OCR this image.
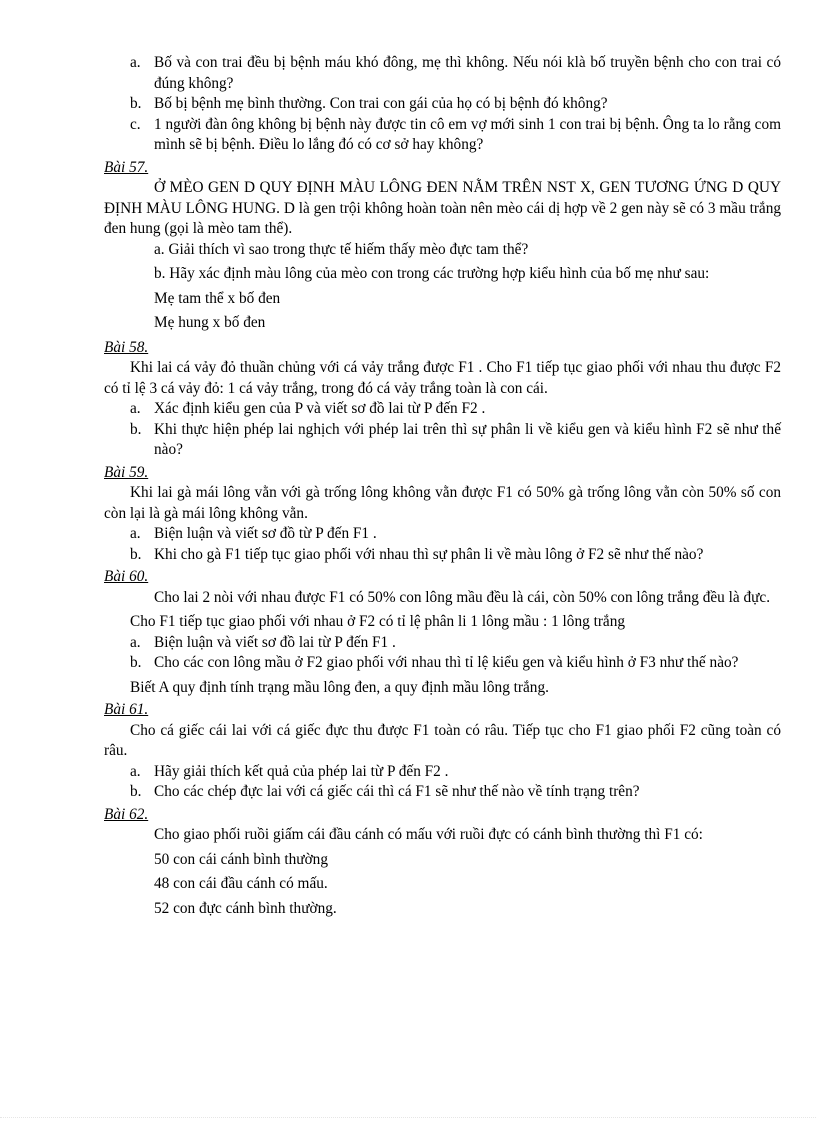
a. Bố và con trai đều bị bệnh máu khó đông, mẹ thì không. Nếu nói klà bố truyền bệnh cho con trai có đúng không?
b. Bố bị bệnh mẹ bình thường. Con trai con gái của họ có bị bệnh đó không?
c. 1 người đàn ông không bị bệnh này được tin cô em vợ mới sinh 1 con trai bị bệnh. Ông ta lo rằng com mình sẽ bị bệnh. Điều lo lắng đó có cơ sở hay không?

Bài 57.

Ở MÈO GEN D QUY ĐỊNH MÀU LÔNG ĐEN NẰM TRÊN NST X, GEN TƯƠNG ỨNG D QUY ĐỊNH MÀU LÔNG HUNG. D là gen trội không hoàn toàn nên mèo cái dị hợp về 2 gen này sẽ có 3 mầu trắng đen hung (gọi là mèo tam thể).

a. Giải thích vì sao trong thực tế hiếm thấy mèo đực tam thể?

b. Hãy xác định màu lông của mèo con trong các trường hợp kiểu hình của bố mẹ như sau:

Mẹ tam thể x bố đen

Mẹ hung x bố đen

Bài 58.

Khi lai cá vảy đỏ thuần chủng với cá vảy trắng được F1 . Cho F1 tiếp tục giao phối với nhau thu được F2 có tỉ lệ 3 cá vảy đỏ: 1 cá vảy trắng, trong đó cá vảy trắng toàn là con cái.

a. Xác định kiểu gen của P và viết sơ đồ lai từ P đến F2 .
b. Khi thực hiện phép lai nghịch với phép lai trên thì sự phân li về kiểu gen và kiểu hình F2 sẽ như thế nào?

Bài 59.

Khi lai gà mái lông vằn với gà trống lông không vằn được F1 có 50% gà trống lông vằn còn 50% số con còn lại là gà mái lông không vằn.

a. Biện luận và viết sơ đồ từ P đến F1 .
b. Khi cho gà F1 tiếp tục giao phối với nhau thì sự phân li về màu lông ở F2 sẽ như thế nào?

Bài 60.

Cho lai 2 nòi với nhau được F1 có 50% con lông mầu đều là cái, còn 50% con lông trắng đều là đực.

Cho F1 tiếp tục giao phối với nhau ở F2 có tỉ lệ phân li 1 lông mầu : 1 lông trắng

a. Biện luận và viết sơ đồ lai từ P đến F1 .
b. Cho các con lông mầu ở F2 giao phối với nhau thì tỉ lệ kiểu gen và kiểu hình ở F3 như thế nào?

Biết A quy định tính trạng mầu lông đen, a quy định mầu lông trắng.

Bài 61.

Cho cá giếc cái lai với cá giếc đực thu được F1 toàn có râu. Tiếp tục cho F1 giao phối F2 cũng toàn có râu.

a. Hãy giải thích kết quả của phép lai từ P đến F2 .
b. Cho các chép đực lai với cá giếc cái thì cá F1 sẽ như thế nào về tính trạng trên?

Bài 62.

Cho giao phối ruồi giấm cái đầu cánh có mấu với ruồi đực có cánh bình thường thì F1 có:

50 con cái cánh bình thường

48 con cái đầu cánh có mấu.

52 con đực cánh bình thường.
